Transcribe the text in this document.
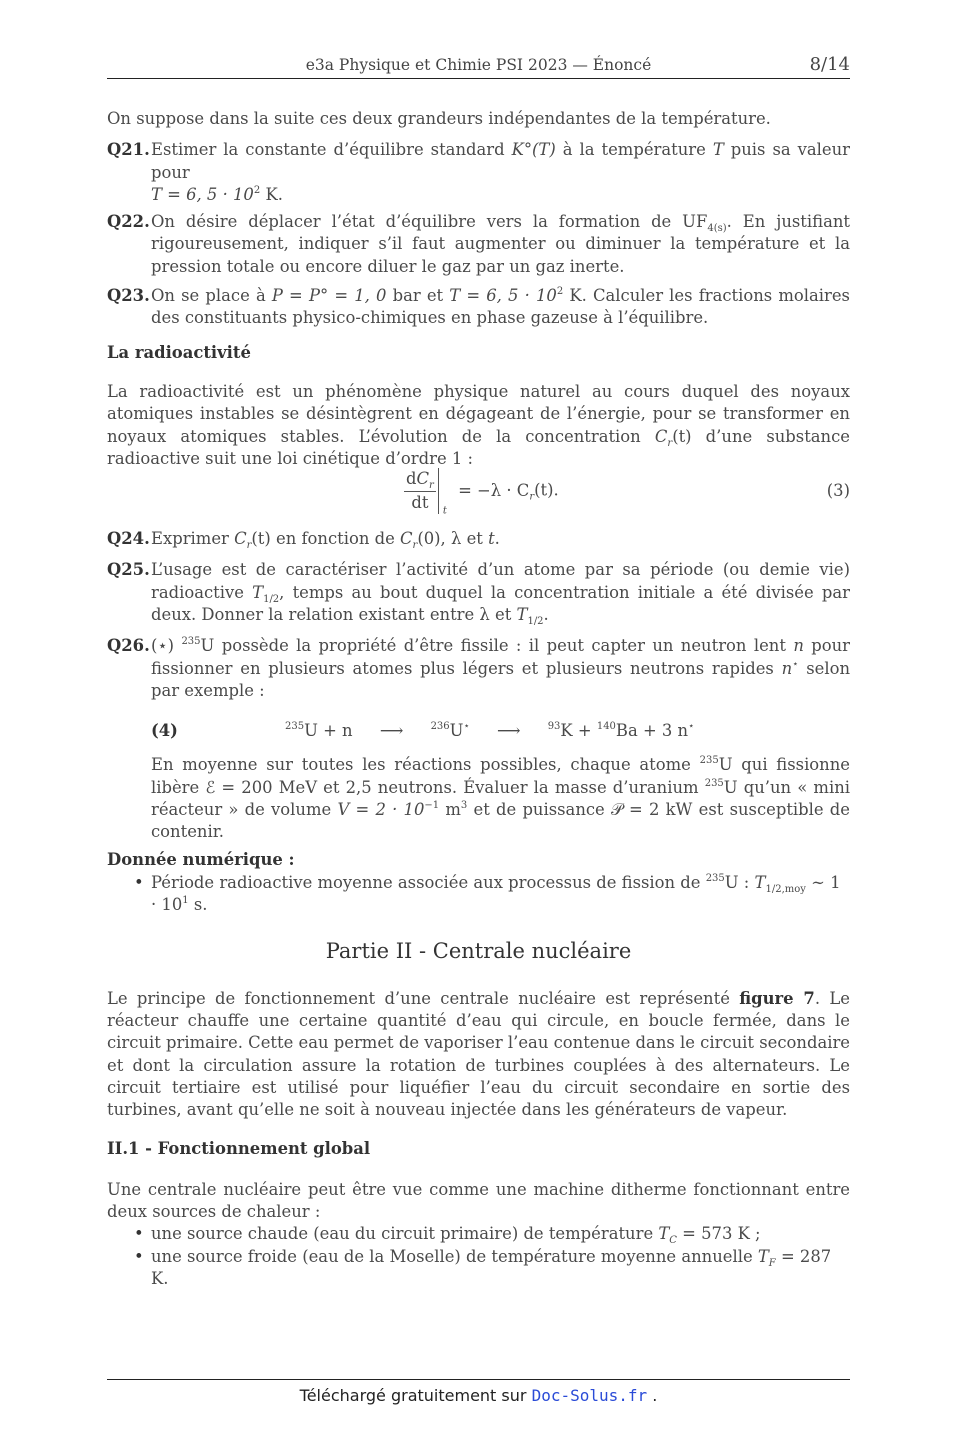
e3a Physique et Chimie PSI 2023 — Énoncé	8/14

On suppose dans la suite ces deux grandeurs indépendantes de la température.

Q21. Estimer la constante d’équilibre standard K°(T) à la température T puis sa valeur pour
T = 6, $5 \cdot 10^2$ K.
Q22. On désire déplacer l’état d’équilibre vers la formation de $UF_{4(s)}$. En justifiant rigoureusement, indiquer s’il faut augmenter ou diminuer la température et la pression totale ou encore diluer le gaz par un gaz inerte.
Q23. On se place à P = P° = 1, 0 bar et T = 6, $5 \cdot 10^2$ K. Calculer les fractions molaires des constituants physico-chimiques en phase gazeuse à l’équilibre.
La radioactivité

La radioactivité est un phénomène physique naturel au cours duquel des noyaux atomiques instables se désintègrent en dégageant de l’énergie, pour se transformer en noyaux atomiques stables. L’évolution de la concentration $C_r(t)$ d’une substance radioactive suit une loi cinétique d’ordre 1 :

$\frac{dC_r}{dt} _t = -\lambda \cdot C_r(t)$.	(3)
Q24. Exprimer $C_r(t)$ en fonction de $C_r(0)$, λ et t.
Q25. L’usage est de caractériser l’activité d’un atome par sa période (ou demie vie) radioactive $T_{1/2}$, temps au bout duquel la concentration initiale a été divisée par deux. Donner la relation existant entre λ et $T_{1/2}$.
Q26. (⋆) $^{235}$U possède la propriété d’être fissile : il peut capter un neutron lent n pour fissionner en plusieurs atomes plus légers et plusieurs neutrons rapides n⋆ selon par exemple :
$^{235}$U + n ⟶	$^{236}$U⋆ ⟶	$^{93}$K + $^{140}$Ba + 3 n⋆
(4)
En moyenne sur toutes les réactions possibles, chaque atome $^{235}$U qui fissionne libère ℰ = 200 MeV et 2,5 neutrons. Évaluer la masse d’uranium $^{235}$U qu’un « mini réacteur » de volume $V = 2 \cdot 10^{-1}$ $m^3$ et de puissance 𝒫 = 2 kW est susceptible de contenir.
Donnée numérique :
• Période radioactive moyenne associée aux processus de fission de $^{235}$U : $T_{1/2,moy}$ ∼ $1 \cdot 10^1$ s.
Partie II - Centrale nucléaire

Le principe de fonctionnement d’une centrale nucléaire est représenté figure 7. Le réacteur chauffe une certaine quantité d’eau qui circule, en boucle fermée, dans le circuit primaire. Cette eau permet de vaporiser l’eau contenue dans le circuit secondaire et dont la circulation assure la rotation de turbines couplées à des alternateurs. Le circuit tertiaire est utilisé pour liquéfier l’eau du circuit secondaire en sortie des turbines, avant qu’elle ne soit à nouveau injectée dans les générateurs de vapeur.

II.1 - Fonctionnement global

Une centrale nucléaire peut être vue comme une machine ditherme fonctionnant entre deux sources de chaleur :

• une source chaude (eau du circuit primaire) de température $T_C = 573$ K ;
• une source froide (eau de la Moselle) de température moyenne annuelle $T_F = 287$ K.
Téléchargé gratuitement sur Doc-Solus.fr .
